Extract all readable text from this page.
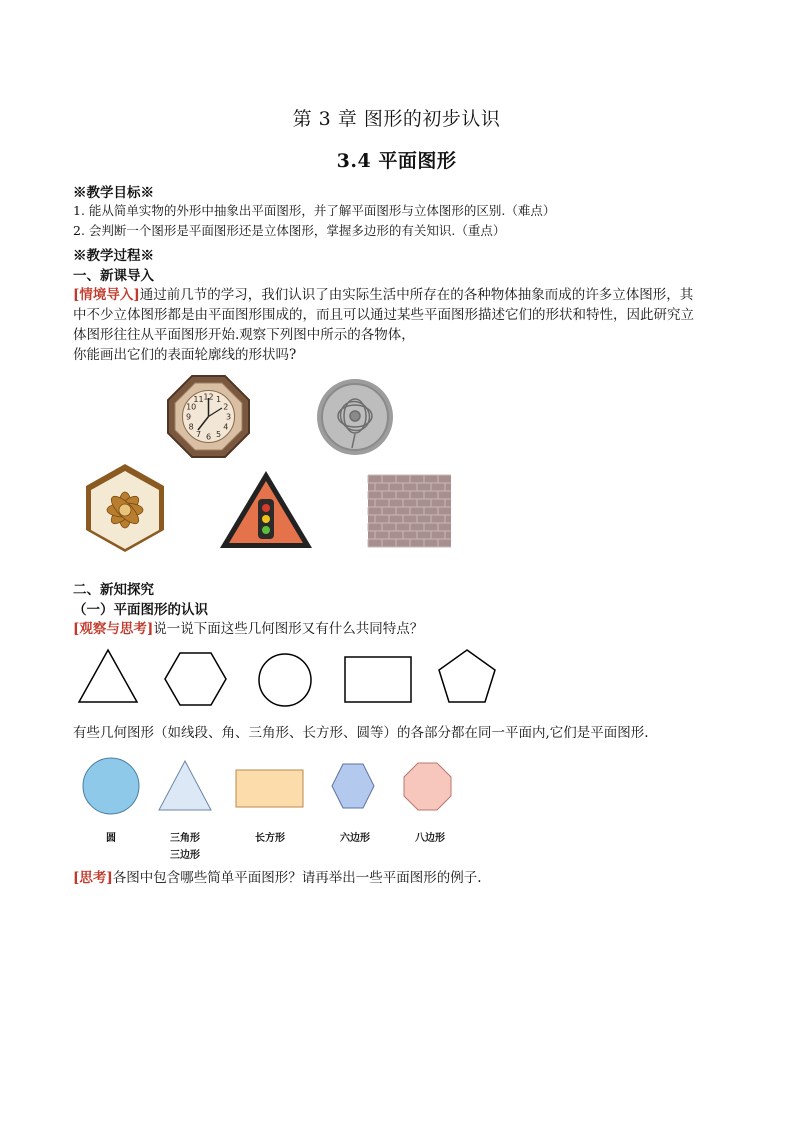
第 3 章 图形的初步认识
3.4 平面图形
※教学目标※
1. 能从简单实物的外形中抽象出平面图形，并了解平面图形与立体图形的区别.（难点）
2. 会判断一个图形是平面图形还是立体图形，掌握多边形的有关知识.（重点）
※教学过程※
一、新课导入
[情境导入]通过前几节的学习，我们认识了由实际生活中所存在的各种物体抽象而成的许多立体图形，其
中不少立体图形都是由平面图形围成的，而且可以通过某些平面图形描述它们的形状和特性，因此研究立
体图形往往从平面图形开始.观察下列图中所示的各物体，
你能画出它们的表面轮廓线的形状吗?
12 1
2
3
4
5
6
7
8
9
10
11
二、新知探究
（一）平面图形的认识
[观察与思考]说一说下面这些几何图形又有什么共同特点？
有些几何图形（如线段、角、三角形、长方形、圆等）的各部分都在同一平面内,它们是平面图形.
圆	三角形
三边形
长方形	六边形	八边形
[思考]各图中包含哪些简单平面图形？请再举出一些平面图形的例子.
